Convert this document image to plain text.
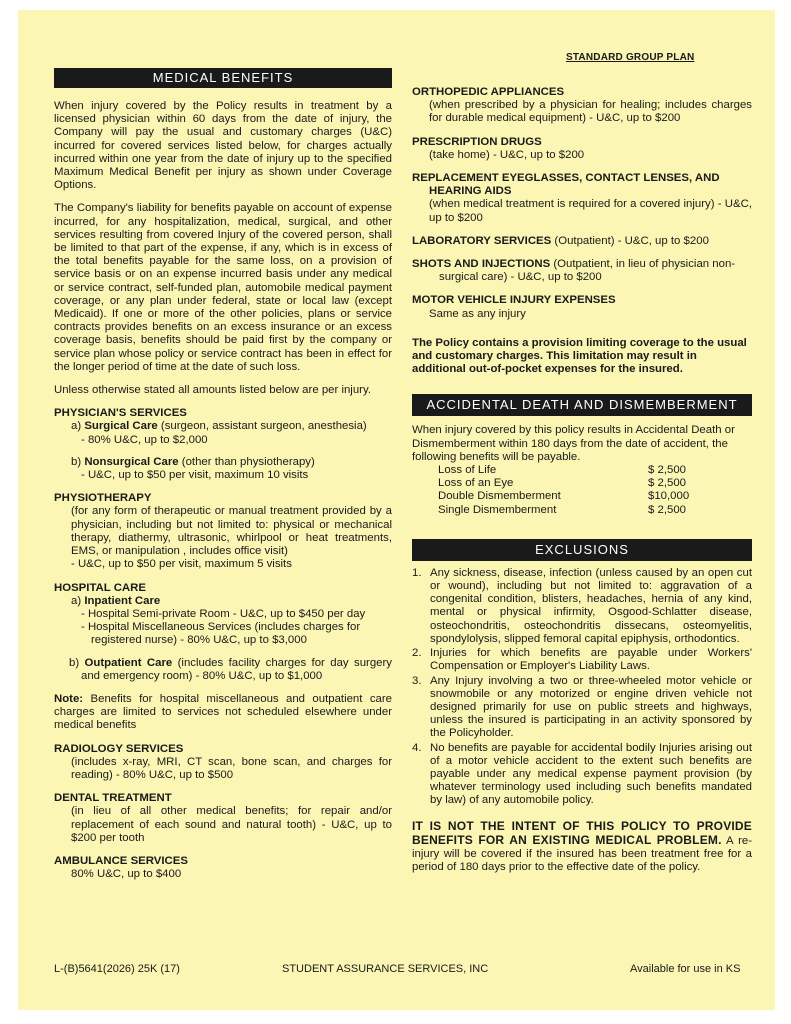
STANDARD GROUP PLAN
MEDICAL BENEFITS

When injury covered by the Policy results in treatment by a licensed physician within 60 days from the date of injury, the Company will pay the usual and customary charges (U&C) incurred for covered services listed below, for charges actually incurred within one year from the date of injury up to the specified Maximum Medical Benefit per injury as shown under Coverage Options.

The Company's liability for benefits payable on account of expense incurred, for any hospitalization, medical, surgical, and other services resulting from covered Injury of the covered person, shall be limited to that part of the expense, if any, which is in excess of the total benefits payable for the same loss, on a provision of service basis or on an expense incurred basis under any medical or service contract, self-funded plan, automobile medical payment coverage, or any plan under federal, state or local law (except Medicaid). If one or more of the other policies, plans or service contracts provides benefits on an excess insurance or an excess coverage basis, benefits should be paid first by the company or service plan whose policy or service contract has been in effect for the longer period of time at the date of such loss.

Unless otherwise stated all amounts listed below are per injury.

PHYSICIAN'S SERVICES

a) Surgical Care (surgeon, assistant surgeon, anesthesia)

- 80% U&C, up to $2,000

b) Nonsurgical Care (other than physiotherapy)

- U&C, up to $50 per visit, maximum 10 visits

PHYSIOTHERAPY

(for any form of therapeutic or manual treatment provided by a physician, including but not limited to: physical or mechanical therapy, diathermy, ultrasonic, whirlpool or heat treatments, EMS, or manipulation , includes office visit)

- U&C, up to $50 per visit, maximum 5 visits

HOSPITAL CARE

a) Inpatient Care

- Hospital Semi-private Room - U&C, up to $450 per day

- Hospital Miscellaneous Services (includes charges for registered nurse) - 80% U&C, up to $3,000

b) Outpatient Care (includes facility charges for day surgery and emergency room) - 80% U&C, up to $1,000

Note: Benefits for hospital miscellaneous and outpatient care charges are limited to services not scheduled elsewhere under medical benefits

RADIOLOGY SERVICES

(includes x-ray, MRI, CT scan, bone scan, and charges for reading) - 80% U&C, up to $500

DENTAL TREATMENT

(in lieu of all other medical benefits; for repair and/or replacement of each sound and natural tooth) - U&C, up to $200 per tooth

AMBULANCE SERVICES

80% U&C, up to $400

ORTHOPEDIC APPLIANCES

(when prescribed by a physician for healing; includes charges for durable medical equipment) - U&C, up to $200

PRESCRIPTION DRUGS

(take home) - U&C, up to $200

REPLACEMENT EYEGLASSES, CONTACT LENSES, AND

HEARING AIDS

(when medical treatment is required for a covered injury) - U&C, up to $200

LABORATORY SERVICES (Outpatient) - U&C, up to $200

SHOTS AND INJECTIONS (Outpatient, in lieu of physician non-surgical care) - U&C, up to $200

MOTOR VEHICLE INJURY EXPENSES

Same as any injury

The Policy contains a provision limiting coverage to the usual and customary charges. This limitation may result in additional out-of-pocket expenses for the insured.

ACCIDENTAL DEATH AND DISMEMBERMENT

When injury covered by this policy results in Accidental Death or Dismemberment within 180 days from the date of accident, the following benefits will be payable.

Loss of Life	$ 2,500
Loss of an Eye	$ 2,500
Double Dismemberment	$10,000
Single Dismemberment	$ 2,500
EXCLUSIONS
1. Any sickness, disease, infection (unless caused by an open cut or wound), including but not limited to: aggravation of a congenital condition, blisters, headaches, hernia of any kind, mental or physical infirmity, Osgood-Schlatter disease, osteochondritis, osteochondritis dissecans, osteomyelitis, spondylolysis, slipped femoral capital epiphysis, orthodontics.
2. Injuries for which benefits are payable under Workers' Compensation or Employer's Liability Laws.
3. Any Injury involving a two or three-wheeled motor vehicle or snowmobile or any motorized or engine driven vehicle not designed primarily for use on public streets and highways, unless the insured is participating in an activity sponsored by the Policyholder.
4. No benefits are payable for accidental bodily Injuries arising out of a motor vehicle accident to the extent such benefits are payable under any medical expense payment provision (by whatever terminology used including such benefits mandated by law) of any automobile policy.

IT IS NOT THE INTENT OF THIS POLICY TO PROVIDE BENEFITS FOR AN EXISTING MEDICAL PROBLEM. A re-injury will be covered if the insured has been treatment free for a period of 180 days prior to the effective date of the policy.

L-(B)5641(2026) 25K (17)	STUDENT ASSURANCE SERVICES, INC	Available for use in KS
